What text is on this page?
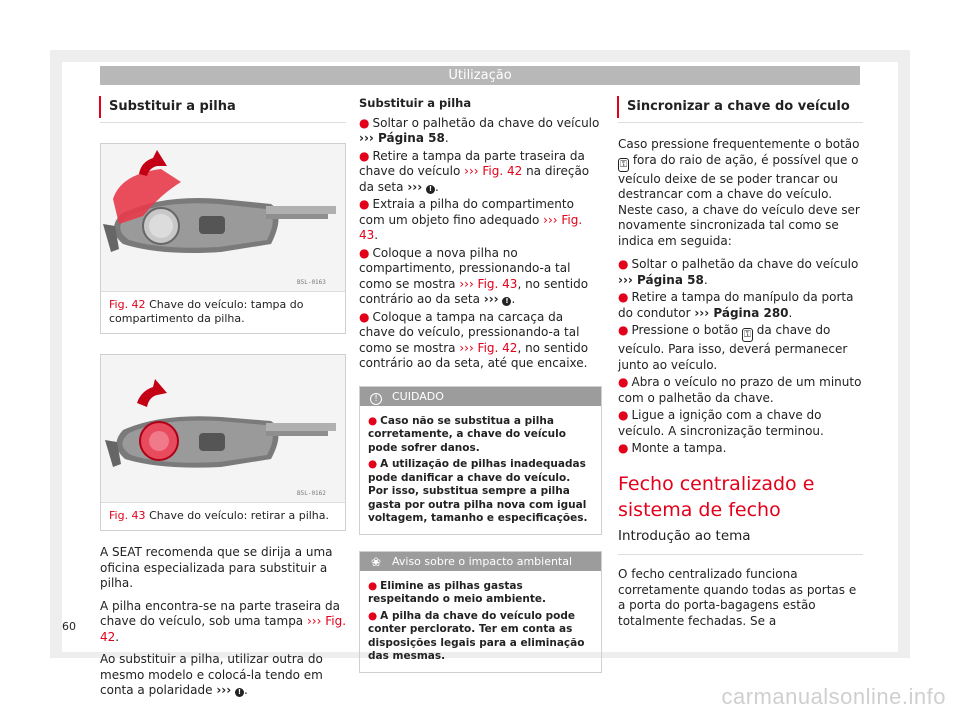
Utilização
Substituir a pilha
B5L-0163
Fig. 42 Chave do veículo: tampa do compartimento da pilha.
B5L-0162
Fig. 43 Chave do veículo: retirar a pilha.

A SEAT recomenda que se dirija a uma oficina especializada para substituir a pilha.

A pilha encontra-se na parte traseira da chave do veículo, sob uma tampa ››› Fig. 42.

Ao substituir a pilha, utilizar outra do mesmo modelo e colocá-la tendo em conta a polaridade ››› ! .

Substituir a pilha
● Soltar o palhetão da chave do veículo ››› Página 58.
● Retire a tampa da parte traseira da chave do veículo ››› Fig. 42 na direção da seta ››› ! .
● Extraia a pilha do compartimento com um objeto fino adequado ››› Fig. 43.
● Coloque a nova pilha no compartimento, pressionando-a tal como se mostra ››› Fig. 43, no sentido contrário ao da seta ››› ! .
● Coloque a tampa na carcaça da chave do veículo, pressionando-a tal como se mostra ››› Fig. 42, no sentido contrário ao da seta, até que encaixe.
! CUIDADO
● Caso não se substitua a pilha corretamente, a chave do veículo pode sofrer danos.
● A utilização de pilhas inadequadas pode danificar a chave do veículo. Por isso, substitua sempre a pilha gasta por outra pilha nova com igual voltagem, tamanho e especificações.
❀ Aviso sobre o impacto ambiental
● Elimine as pilhas gastas respeitando o meio ambiente.
● A pilha da chave do veículo pode conter perclorato. Ter em conta as disposições legais para a eliminação das mesmas.
Sincronizar a chave do veículo

Caso pressione frequentemente o botão ⚿ fora do raio de ação, é possível que o veículo deixe de se poder trancar ou destrancar com a chave do veículo. Neste caso, a chave do veículo deve ser novamente sincronizada tal como se indica em seguida:

● Soltar o palhetão da chave do veículo ››› Página 58.
● Retire a tampa do manípulo da porta do condutor ››› Página 280.
● Pressione o botão ⚿ da chave do veículo. Para isso, deverá permanecer junto ao veículo.
● Abra o veículo no prazo de um minuto com o palhetão da chave.
● Ligue a ignição com a chave do veículo. A sincronização terminou.
● Monte a tampa.
Fecho centralizado e sistema de fecho
Introdução ao tema

O fecho centralizado funciona corretamente quando todas as portas e a porta do porta-bagagens estão totalmente fechadas. Se a

60
carmanualsonline.info
